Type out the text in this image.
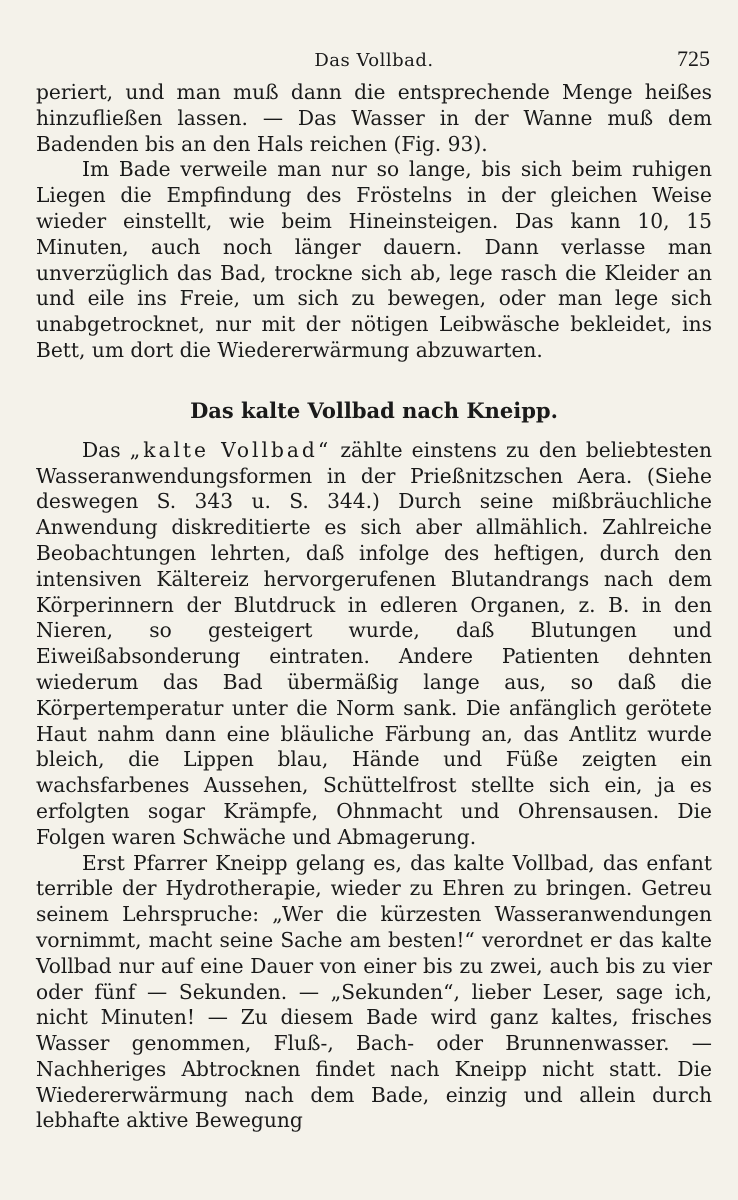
Das Vollbad.	725

periert, und man muß dann die entsprechende Menge heißes hinzufließen lassen. — Das Wasser in der Wanne muß dem Badenden bis an den Hals reichen (Fig. 93).

Im Bade verweile man nur so lange, bis sich beim ruhigen Liegen die Empfindung des Fröstelns in der gleichen Weise wieder einstellt, wie beim Hineinsteigen. Das kann 10, 15 Minuten, auch noch länger dauern. Dann verlasse man unverzüglich das Bad, trockne sich ab, lege rasch die Kleider an und eile ins Freie, um sich zu bewegen, oder man lege sich unabgetrocknet, nur mit der nötigen Leibwäsche bekleidet, ins Bett, um dort die Wiedererwärmung abzuwarten.

Das kalte Vollbad nach Kneipp.

Das „kalte Vollbad“ zählte einstens zu den beliebtesten Wasseranwendungsformen in der Prießnitzschen Aera. (Siehe deswegen S. 343 u. S. 344.) Durch seine mißbräuchliche Anwendung diskreditierte es sich aber allmählich. Zahlreiche Beobachtungen lehrten, daß infolge des heftigen, durch den intensiven Kältereiz hervorgerufenen Blutandrangs nach dem Körperinnern der Blutdruck in edleren Organen, z. B. in den Nieren, so gesteigert wurde, daß Blutungen und Eiweißabsonderung eintraten. Andere Patienten dehnten wiederum das Bad übermäßig lange aus, so daß die Körpertemperatur unter die Norm sank. Die anfänglich gerötete Haut nahm dann eine bläuliche Färbung an, das Antlitz wurde bleich, die Lippen blau, Hände und Füße zeigten ein wachsfarbenes Aussehen, Schüttelfrost stellte sich ein, ja es erfolgten sogar Krämpfe, Ohnmacht und Ohrensausen. Die Folgen waren Schwäche und Abmagerung.

Erst Pfarrer Kneipp gelang es, das kalte Vollbad, das enfant terrible der Hydrotherapie, wieder zu Ehren zu bringen. Getreu seinem Lehrspruche: „Wer die kürzesten Wasseranwendungen vornimmt, macht seine Sache am besten!“ verordnet er das kalte Vollbad nur auf eine Dauer von einer bis zu zwei, auch bis zu vier oder fünf — Sekunden. — „Sekunden“, lieber Leser, sage ich, nicht Minuten! — Zu diesem Bade wird ganz kaltes, frisches Wasser genommen, Fluß-, Bach- oder Brunnenwasser. — Nachheriges Abtrocknen findet nach Kneipp nicht statt. Die Wiedererwärmung nach dem Bade, einzig und allein durch lebhafte aktive Bewegung
